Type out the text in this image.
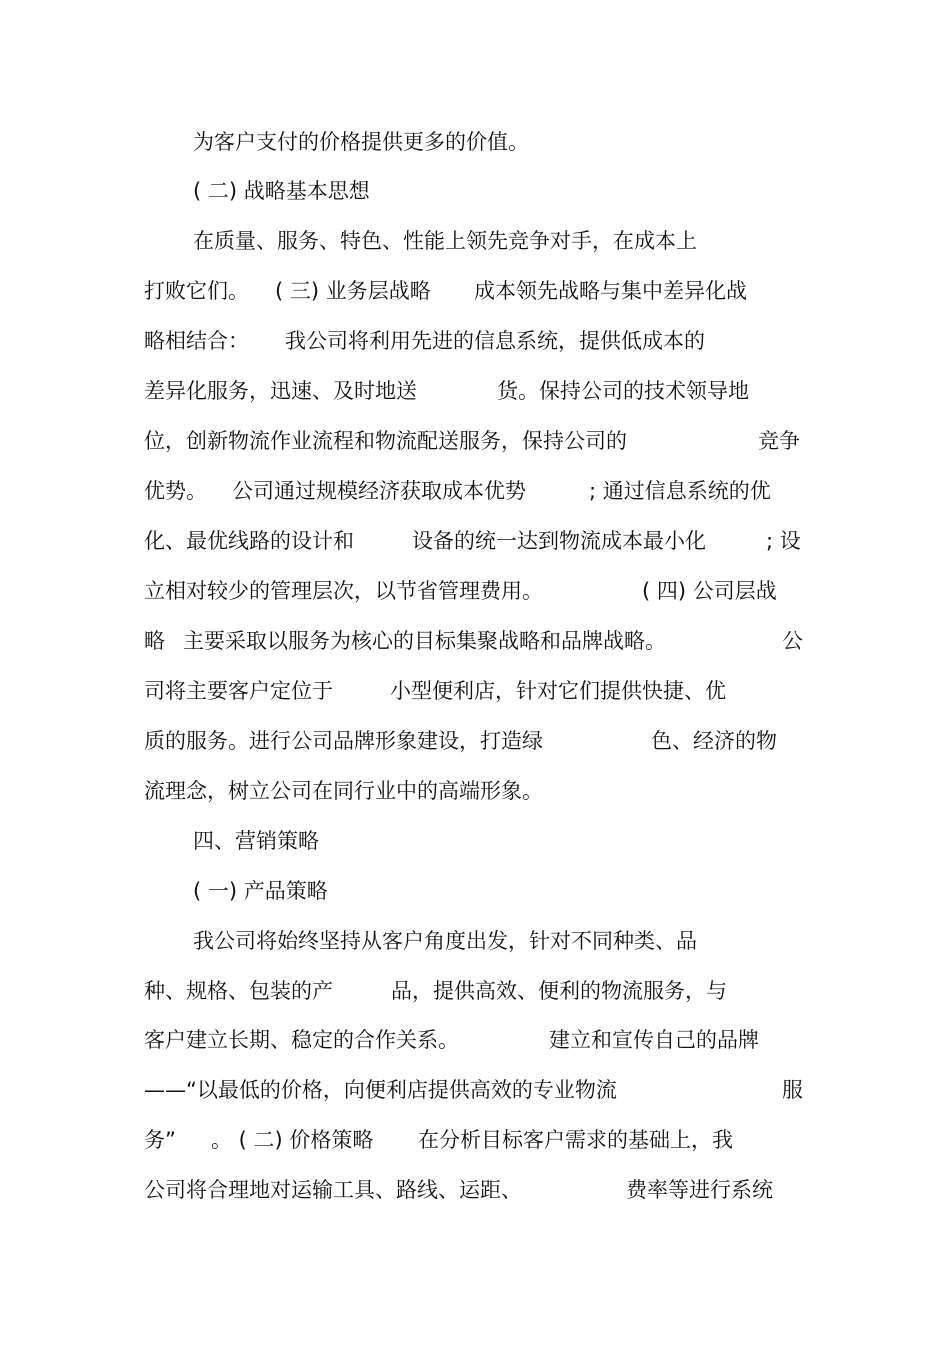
为客户支付的价格提供更多的价值。
( 二) 战略基本思想
在质量、服务、特色、性能上领先竞争对手，在成本上
打败它们。 ( 三) 业务层战略 成本领先战略与集中差异化战
略相结合： 我公司将利用先进的信息系统，提供低成本的
差异化服务，迅速、及时地送	货。保持公司的技术领导地
位，创新物流作业流程和物流配送服务，保持公司的	竞争
优势。 公司通过规模经济获取成本优势	; 通过信息系统的优
化、最优线路的设计和	设备的统一达到物流成本最小化	; 设
立相对较少的管理层次，以节省管理费用。	( 四) 公司层战
略 主要采取以服务为核心的目标集聚战略和品牌战略。	公
司将主要客户定位于	小型便利店，针对它们提供快捷、优
质的服务。进行公司品牌形象建设，打造绿	色、经济的物
流理念，树立公司在同行业中的高端形象。
四、营销策略
( 一) 产品策略
我公司将始终坚持从客户角度出发，针对不同种类、品
种、规格、包装的产	品，提供高效、便利的物流服务，与
客户建立长期、稳定的合作关系。	建立和宣传自己的品牌
——“以最低的价格，向便利店提供高效的专业物流	服
务” 。 ( 二) 价格策略 在分析目标客户需求的基础上，我
公司将合理地对运输工具、路线、运距、	费率等进行系统
